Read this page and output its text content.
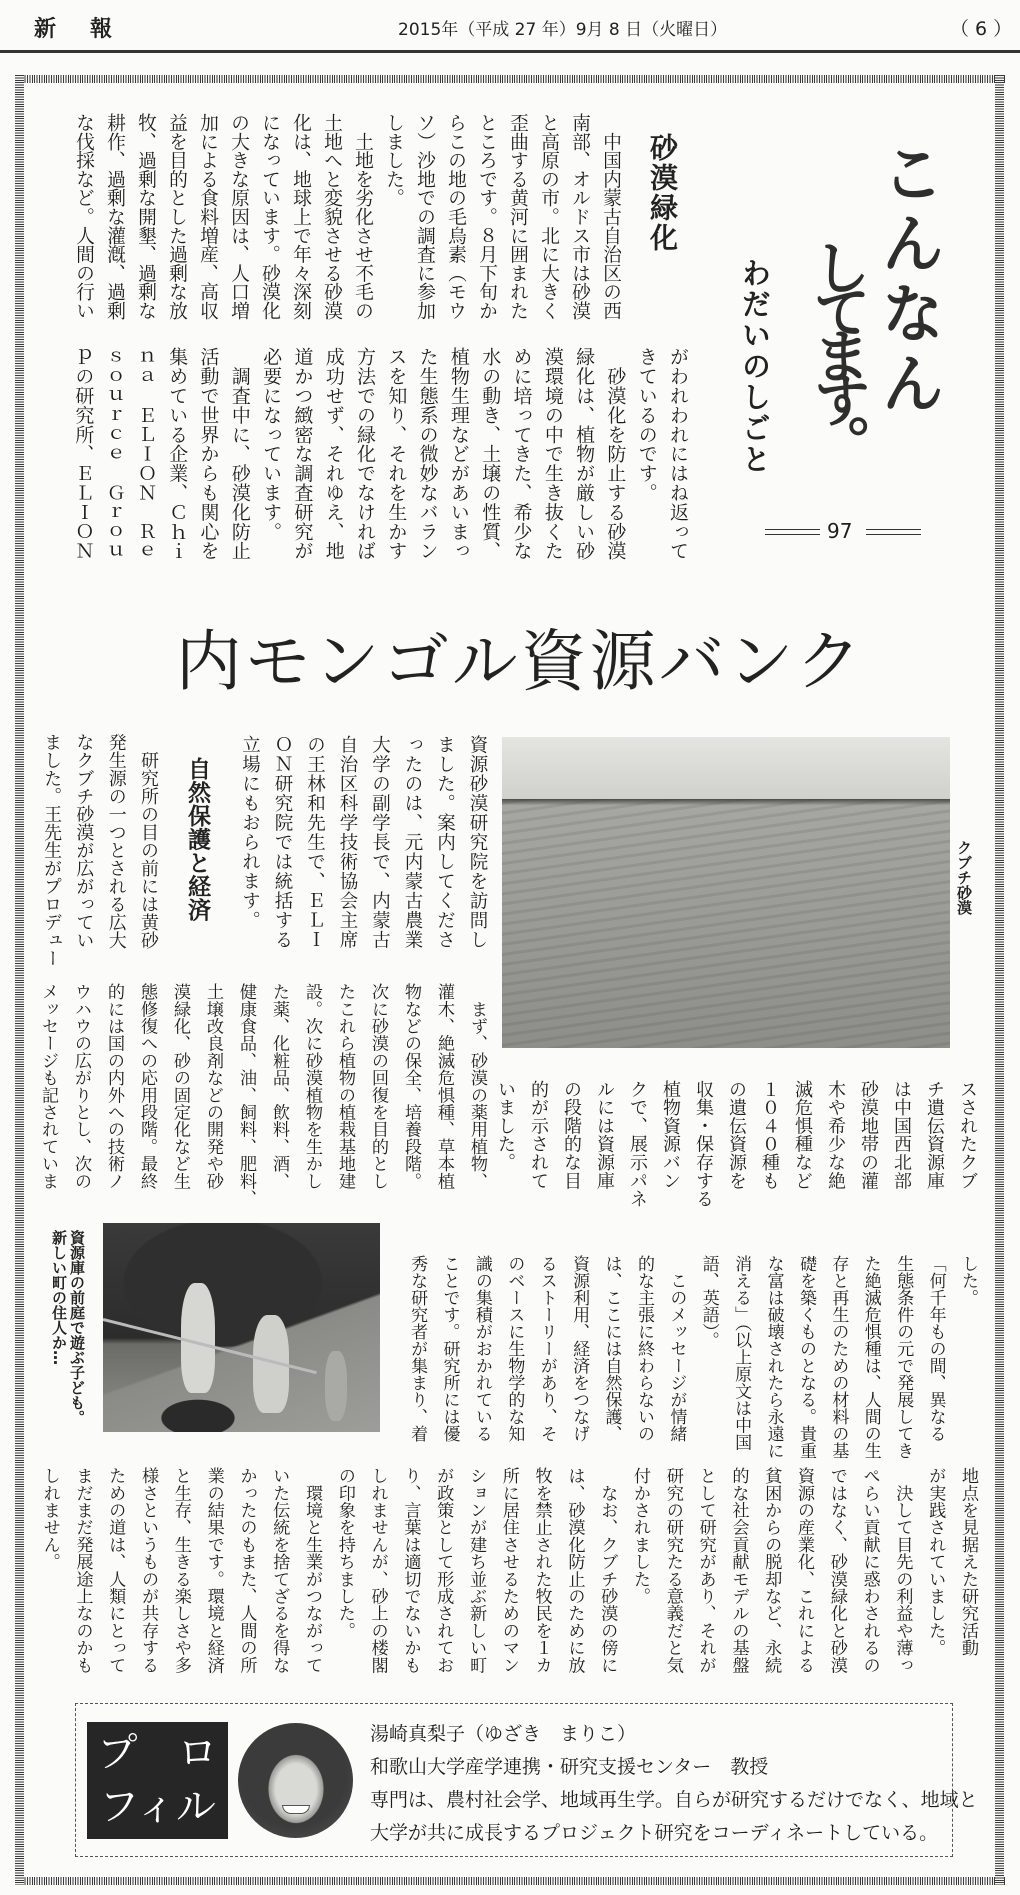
新　報	2015年（平成 27 年）9月 8 日（火曜日）	（ 6 ）
こんなん
してます。
わだいのしごと
97
砂漠緑化
　中国内蒙古自治区の西
南部、オルドス市は砂漠
と高原の市。北に大きく
歪曲する黄河に囲まれた
ところです。８月下旬か
らこの地の毛烏素（モウ
ソ）沙地での調査に参加
しました。
　土地を劣化させ不毛の
土地へと変貌させる砂漠
化は、地球上で年々深刻
になっています。砂漠化
の大きな原因は、人口増
加による食料増産、高収
益を目的とした過剰な放
牧、過剰な開墾、過剰な
耕作、過剰な灌漑、過剰
な伐採など。人間の行い
がわれわれにはね返って
きているのです。
　砂漠化を防止する砂漠
緑化は、植物が厳しい砂
漠環境の中で生き抜くた
めに培ってきた、希少な
水の動き、土壌の性質、
植物生理などがあいまっ
た生態系の微妙なバラン
スを知り、それを生かす
方法での緑化でなければ
成功せず、それゆえ、地
道かつ緻密な調査研究が
必要になっています。
　調査中に、砂漠化防止
活動で世界からも関心を
集めている企業、Ｃｈｉ
ｎａ　ＥＬＩＯＮ　Ｒｅ
ｓｏｕｒｃｅ　Ｇｒｏｕ
ｐの研究所、ＥＬＩＯＮ
内モンゴル資源バンク
資源砂漠研究院を訪問し
ました。案内してくださ
ったのは、元内蒙古農業
大学の副学長で、内蒙古
自治区科学技術協会主席
の王林和先生で、ＥＬＩ
ＯＮ研究院では統括する
立場にもおられます。
自然保護と経済
　研究所の目の前には黄砂
発生源の一つとされる広大
なクブチ砂漠が広がってい
ました。王先生がプロデュー
　まず、砂漠の薬用植物、
灌木、絶滅危惧種、草本植
物などの保全、培養段階。
次に砂漠の回復を目的とし
たこれら植物の植栽基地建
設。次に砂漠植物を生かし
た薬、化粧品、飲料、酒、
健康食品、油、飼料、肥料、
土壌改良剤などの開発や砂
漠緑化、砂の固定化など生
態修復への応用段階。最終
的には国の内外への技術ノ
ウハウの広がりとし、次の
メッセージも記されていま
クブチ砂漠
スされたクブ
チ遺伝資源庫
は中国西北部
砂漠地帯の灌
木や希少な絶
滅危惧種など
１０４０種も
の遺伝資源を
収集・保存する
植物資源バン
クで、展示パネ
ルには資源庫
の段階的な目
的が示されて
いました。
資源庫の前庭で遊ぶ子ども。
新しい町の住人か…	した。
「何千年もの間、異なる
生態条件の元で発展してき
た絶滅危惧種は、人間の生
存と再生のための材料の基
礎を築くものとなる。貴重
な富は破壊されたら永遠に
消える」（以上原文は中国
語、英語）。
　このメッセージが情緒
的な主張に終わらないの
は、ここには自然保護、
資源利用、経済をつなげ
るストーリーがあり、そ
のベースに生物学的な知
識の集積がおかれている
ことです。研究所には優
秀な研究者が集まり、着
地点を見据えた研究活動
が実践されていました。
　決して目先の利益や薄っ
ぺらい貢献に惑わされるの
ではなく、砂漠緑化と砂漠
資源の産業化、これによる
貧困からの脱却など、永続
的な社会貢献モデルの基盤
として研究があり、それが
研究の研究たる意義だと気
付かされました。
　なお、クブチ砂漠の傍に
は、砂漠化防止のために放
牧を禁止された牧民を１カ
所に居住させるためのマン
ションが建ち並ぶ新しい町
が政策として形成されてお
り、言葉は適切でないかも
しれませんが、砂上の楼閣
の印象を持ちました。
　環境と生業がつながって
いた伝統を捨てざるを得な
かったのもまた、人間の所
業の結果です。環境と経済
と生存、生きる楽しさや多
様さというものが共存する
ための道は、人類にとって
まだまだ発展途上なのかも
しれません。
プ　ロ
フィル
湯崎真梨子（ゆざき　まりこ）
和歌山大学産学連携・研究支援センター　教授
専門は、農村社会学、地域再生学。自らが研究するだけでなく、地域と
大学が共に成長するプロジェクト研究をコーディネートしている。
